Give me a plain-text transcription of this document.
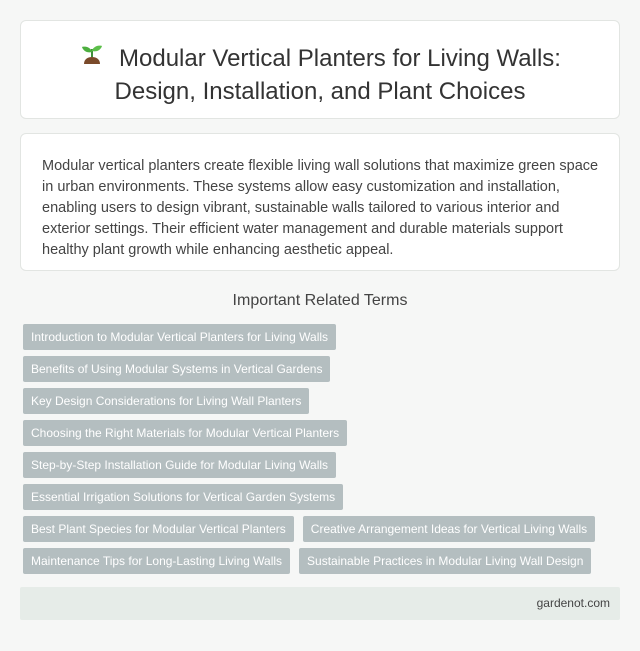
Modular Vertical Planters for Living Walls:
Design, Installation, and Plant Choices

Modular vertical planters create flexible living wall solutions that maximize green space in urban environments. These systems allow easy customization and installation, enabling users to design vibrant, sustainable walls tailored to various interior and exterior settings. Their efficient water management and durable materials support healthy plant growth while enhancing aesthetic appeal.

Important Related Terms
Introduction to Modular Vertical Planters for Living Walls
Benefits of Using Modular Systems in Vertical Gardens
Key Design Considerations for Living Wall Planters
Choosing the Right Materials for Modular Vertical Planters
Step-by-Step Installation Guide for Modular Living Walls
Essential Irrigation Solutions for Vertical Garden Systems
Best Plant Species for Modular Vertical Planters	Creative Arrangement Ideas for Vertical Living Walls
Maintenance Tips for Long-Lasting Living Walls	Sustainable Practices in Modular Living Wall Design
gardenot.com
